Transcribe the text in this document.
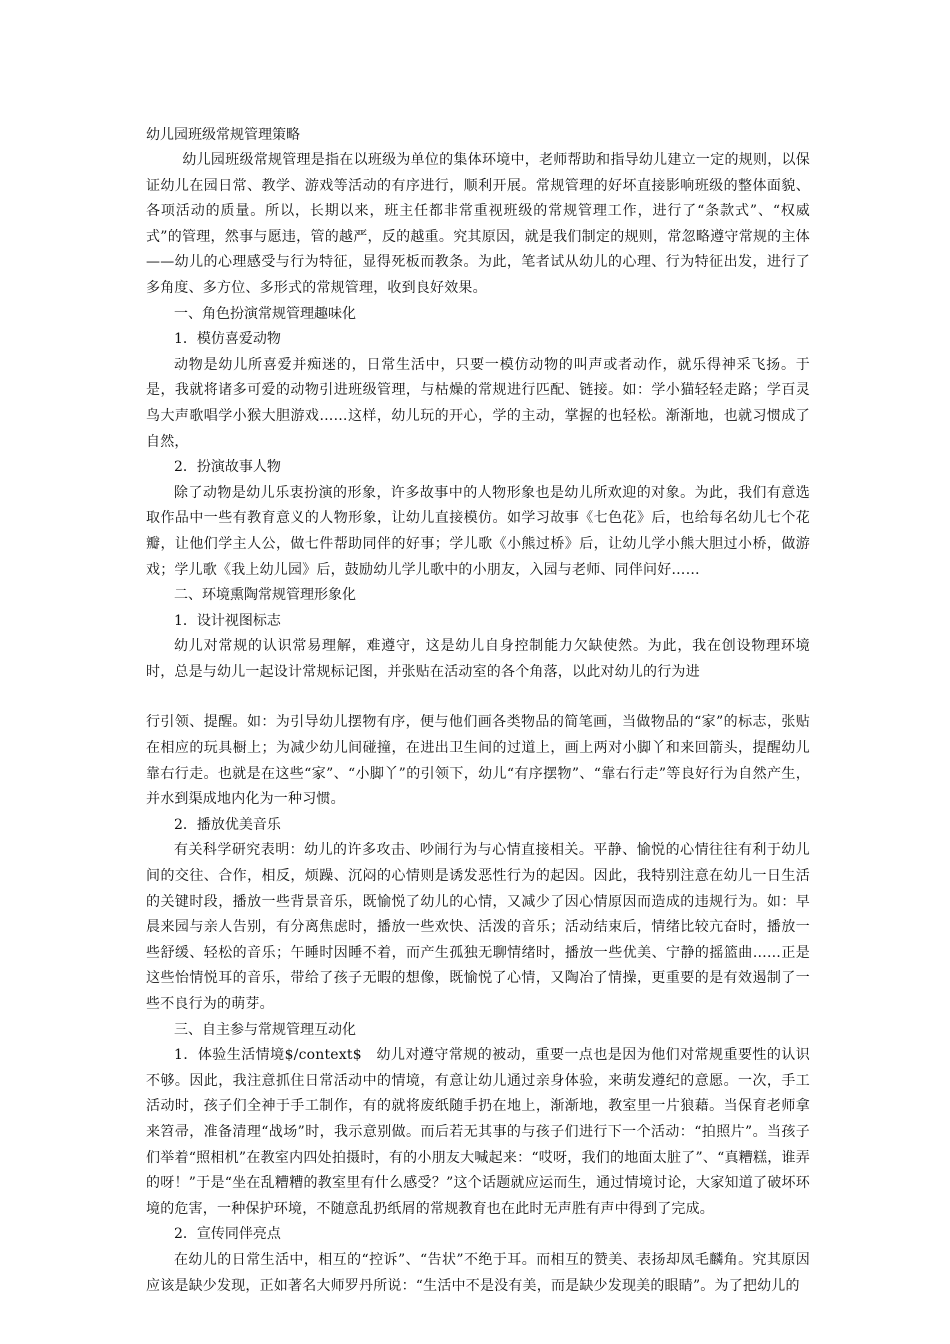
幼儿园班级常规管理策略

幼儿园班级常规管理是指在以班级为单位的集体环境中，老师帮助和指导幼儿建立一定的规则，以保证幼儿在园日常、教学、游戏等活动的有序进行，顺利开展。常规管理的好坏直接影响班级的整体面貌、各项活动的质量。所以，长期以来，班主任都非常重视班级的常规管理工作，进行了“条款式”、“权威式”的管理，然事与愿违，管的越严，反的越重。究其原因，就是我们制定的规则，常忽略遵守常规的主体——幼儿的心理感受与行为特征，显得死板而教条。为此，笔者试从幼儿的心理、行为特征出发，进行了多角度、多方位、多形式的常规管理，收到良好效果。

一、角色扮演常规管理趣味化

1．模仿喜爱动物

动物是幼儿所喜爱并痴迷的，日常生活中，只要一模仿动物的叫声或者动作，就乐得神采飞扬。于是，我就将诸多可爱的动物引进班级管理，与枯燥的常规进行匹配、链接。如：学小猫轻轻走路；学百灵鸟大声歌唱学小猴大胆游戏……这样，幼儿玩的开心，学的主动，掌握的也轻松。渐渐地，也就习惯成了自然，

2．扮演故事人物

除了动物是幼儿乐衷扮演的形象，许多故事中的人物形象也是幼儿所欢迎的对象。为此，我们有意选取作品中一些有教育意义的人物形象，让幼儿直接模仿。如学习故事《七色花》后，也给每名幼儿七个花瓣，让他们学主人公，做七件帮助同伴的好事；学儿歌《小熊过桥》后，让幼儿学小熊大胆过小桥，做游戏；学儿歌《我上幼儿园》后，鼓励幼儿学儿歌中的小朋友，入园与老师、同伴问好……

二、环境熏陶常规管理形象化

1．设计视图标志

幼儿对常规的认识常易理解，难遵守，这是幼儿自身控制能力欠缺使然。为此，我在创设物理环境时，总是与幼儿一起设计常规标记图，并张贴在活动室的各个角落，以此对幼儿的行为进

行引领、提醒。如：为引导幼儿摆物有序，便与他们画各类物品的简笔画，当做物品的“家”的标志，张贴在相应的玩具橱上；为减少幼儿间碰撞，在进出卫生间的过道上，画上两对小脚丫和来回箭头，提醒幼儿靠右行走。也就是在这些“家”、“小脚丫”的引领下，幼儿“有序摆物”、“靠右行走”等良好行为自然产生，并水到渠成地内化为一种习惯。

2．播放优美音乐

有关科学研究表明：幼儿的许多攻击、吵闹行为与心情直接相关。平静、愉悦的心情往往有利于幼儿间的交往、合作，相反，烦躁、沉闷的心情则是诱发恶性行为的起因。因此，我特别注意在幼儿一日生活的关键时段，播放一些背景音乐，既愉悦了幼儿的心情，又减少了因心情原因而造成的违规行为。如：早晨来园与亲人告别，有分离焦虑时，播放一些欢快、活泼的音乐；活动结束后，情绪比较亢奋时，播放一些舒缓、轻松的音乐；午睡时因睡不着，而产生孤独无聊情绪时，播放一些优美、宁静的摇篮曲……正是这些怡情悦耳的音乐，带给了孩子无暇的想像，既愉悦了心情，又陶冶了情操，更重要的是有效遏制了一些不良行为的萌芽。

三、自主参与常规管理互动化

1．体验生活情境$/context$　幼儿对遵守常规的被动，重要一点也是因为他们对常规重要性的认识不够。因此，我注意抓住日常活动中的情境，有意让幼儿通过亲身体验，来萌发遵纪的意愿。一次，手工活动时，孩子们全神于手工制作，有的就将废纸随手扔在地上，渐渐地，教室里一片狼藉。当保育老师拿来笤帚，准备清理“战场”时，我示意别做。而后若无其事的与孩子们进行下一个活动：“拍照片”。当孩子们举着“照相机”在教室内四处拍摄时，有的小朋友大喊起来：“哎呀，我们的地面太脏了”、“真糟糕，谁弄的呀！”于是“坐在乱糟糟的教室里有什么感受？”这个话题就应运而生，通过情境讨论，大家知道了破坏环境的危害，一种保护环境，不随意乱扔纸屑的常规教育也在此时无声胜有声中得到了完成。

2．宣传同伴亮点

在幼儿的日常生活中，相互的“控诉”、“告状”不绝于耳。而相互的赞美、表扬却凤毛麟角。究其原因应该是缺少发现，正如著名大师罗丹所说：“生活中不是没有美，而是缺少发现美的眼睛”。为了把幼儿的
